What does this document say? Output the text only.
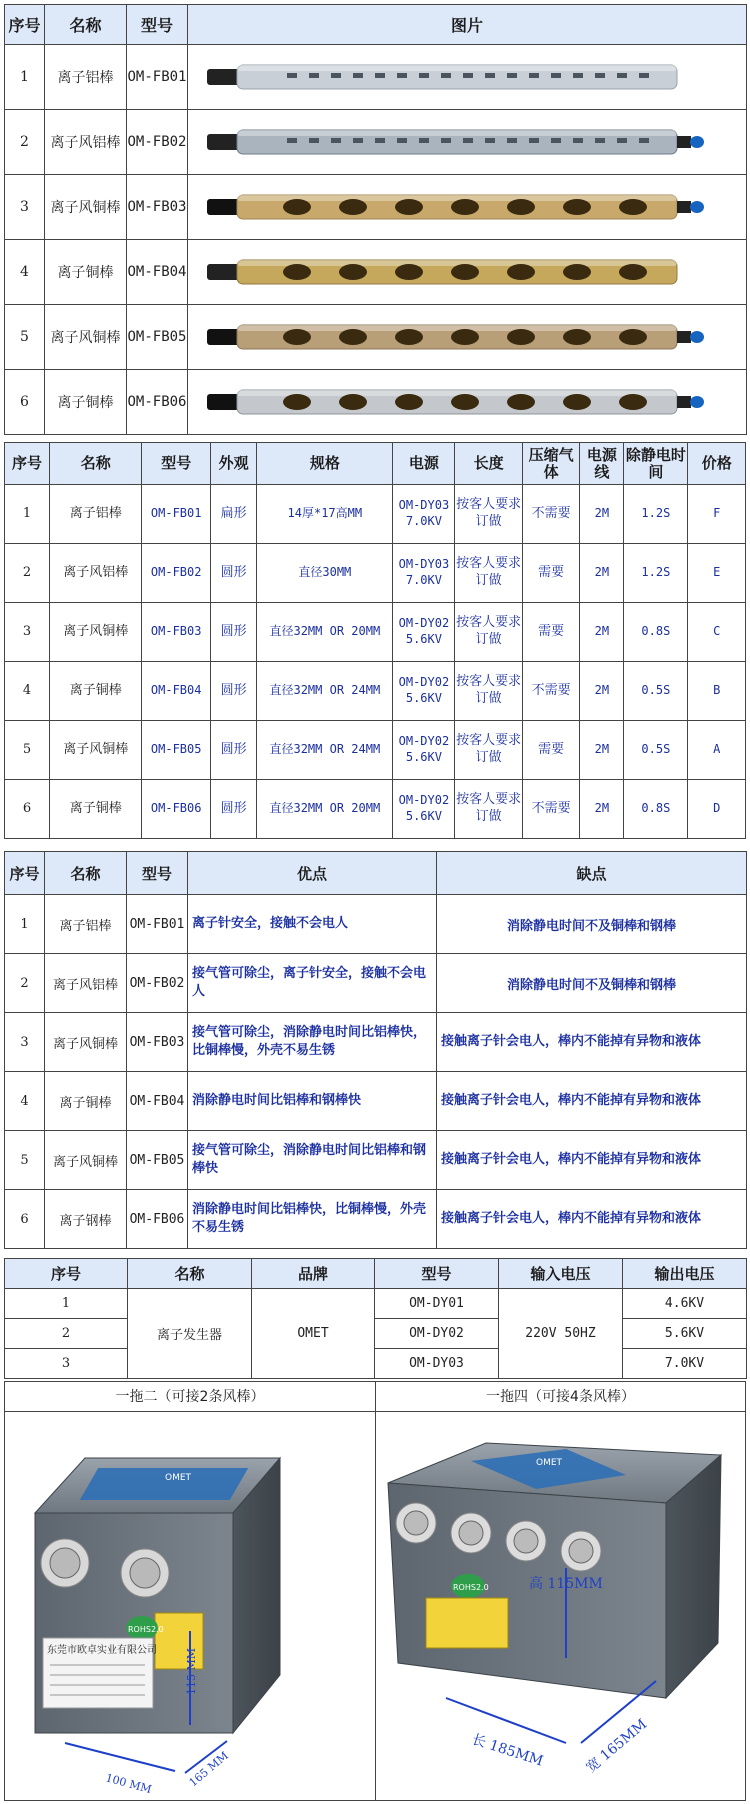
序号	名称	型号	图片
1	离子铝棒	OM-FB01	

2	离子风铝棒	OM-FB02	

3	离子风铜棒	OM-FB03	

4	离子铜棒	OM-FB04	

5	离子风铜棒	OM-FB05	

6	离子铜棒	OM-FB06	
序号	名称	型号	外观	规格	电源	长度	压缩气体	电源线	除静电时间	价格
1	离子铝棒	OM-FB01	扁形	14厚*17高MM	OM-DY03 7.0KV	按客人要求订做	不需要	2M	1.2S	F
2	离子风铝棒	OM-FB02	圆形	直径30MM	OM-DY03 7.0KV	按客人要求订做	需要	2M	1.2S	E
3	离子风铜棒	OM-FB03	圆形	直径32MM OR 20MM	OM-DY02 5.6KV	按客人要求订做	需要	2M	0.8S	C
4	离子铜棒	OM-FB04	圆形	直径32MM OR 24MM	OM-DY02 5.6KV	按客人要求订做	不需要	2M	0.5S	B
5	离子风铜棒	OM-FB05	圆形	直径32MM OR 24MM	OM-DY02 5.6KV	按客人要求订做	需要	2M	0.5S	A
6	离子铜棒	OM-FB06	圆形	直径32MM OR 20MM	OM-DY02 5.6KV	按客人要求订做	不需要	2M	0.8S	D
序号	名称	型号	优点	缺点
1	离子铝棒	OM-FB01	离子针安全，接触不会电人	消除静电时间不及铜棒和钢棒
2	离子风铝棒	OM-FB02	接气管可除尘，离子针安全，接触不会电人	消除静电时间不及铜棒和钢棒
3	离子风铜棒	OM-FB03	接气管可除尘，消除静电时间比铝棒快，比铜棒慢，外壳不易生锈	接触离子针会电人，棒内不能掉有异物和液体
4	离子铜棒	OM-FB04	消除静电时间比铝棒和钢棒快	接触离子针会电人，棒内不能掉有异物和液体
5	离子风铜棒	OM-FB05	接气管可除尘，消除静电时间比铝棒和钢棒快	接触离子针会电人，棒内不能掉有异物和液体
6	离子钢棒	OM-FB06	消除静电时间比铝棒快，比铜棒慢，外壳不易生锈	接触离子针会电人，棒内不能掉有异物和液体
序号	名称	品牌	型号	输入电压	输出电压
1	离子发生器	OMET	OM-DY01	220V 50HZ	4.6KV
2			OM-DY02		5.6KV
3			OM-DY03		7.0KV
一拖二（可接2条风棒）	一拖四（可接4条风棒）
OMET
ROHS2.0
东莞市欧卓实业有限公司	115 MM
100 MM	165 MM
OMET
ROHS2.0	高 115MM
长 185MM	宽 165MM
